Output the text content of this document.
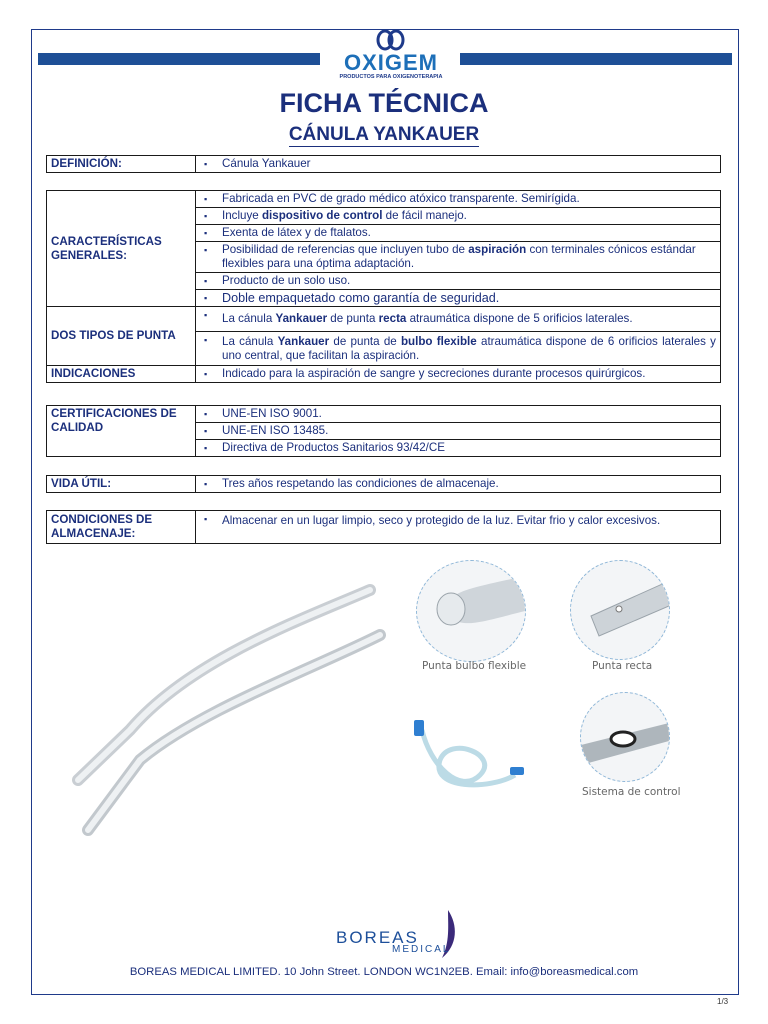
OXIGEM
PRODUCTOS PARA OXIGENOTERAPIA
FICHA TÉCNICA
CÁNULA YANKAUER
DEFINICIÓN:	▪Cánula Yankauer
CARACTERÍSTICAS GENERALES:	▪ Fabricada en PVC de grado médico atóxico transparente. Semirígida.
	▪ Incluye dispositivo de control de fácil manejo.
	▪ Exenta de látex y de ftalatos.
	▪ Posibilidad de referencias que incluyen tubo de aspiración con terminales cónicos estándar flexibles para una óptima adaptación.
	▪ Producto de un solo uso.
	▪ Doble empaquetado como garantía de seguridad.
DOS TIPOS DE PUNTA	▪ La cánula Yankauer de punta recta atraumática dispone de 5 orificios laterales.
	▪ La cánula Yankauer de punta de bulbo flexible atraumática dispone de 6 orificios laterales y uno central, que facilitan la aspiración.
INDICACIONES	▪ Indicado para la aspiración de sangre y secreciones durante procesos quirúrgicos.
CERTIFICACIONES DE CALIDAD	▪ UNE-EN ISO 9001.
▪ UNE-EN ISO 13485.
▪ Directiva de Productos Sanitarios 93/42/CE
VIDA ÚTIL:	▪Tres años respetando las condiciones de almacenaje.
CONDICIONES DE ALMACENAJE:	▪ Almacenar en un lugar limpio, seco y protegido de la luz. Evitar frio y calor excesivos.
Punta bulbo flexible	Punta recta
Sistema de control
BOREAS
MEDICAL
BOREAS MEDICAL LIMITED. 10 John Street. LONDON WC1N2EB. Email: info@boreasmedical.com
1/3
